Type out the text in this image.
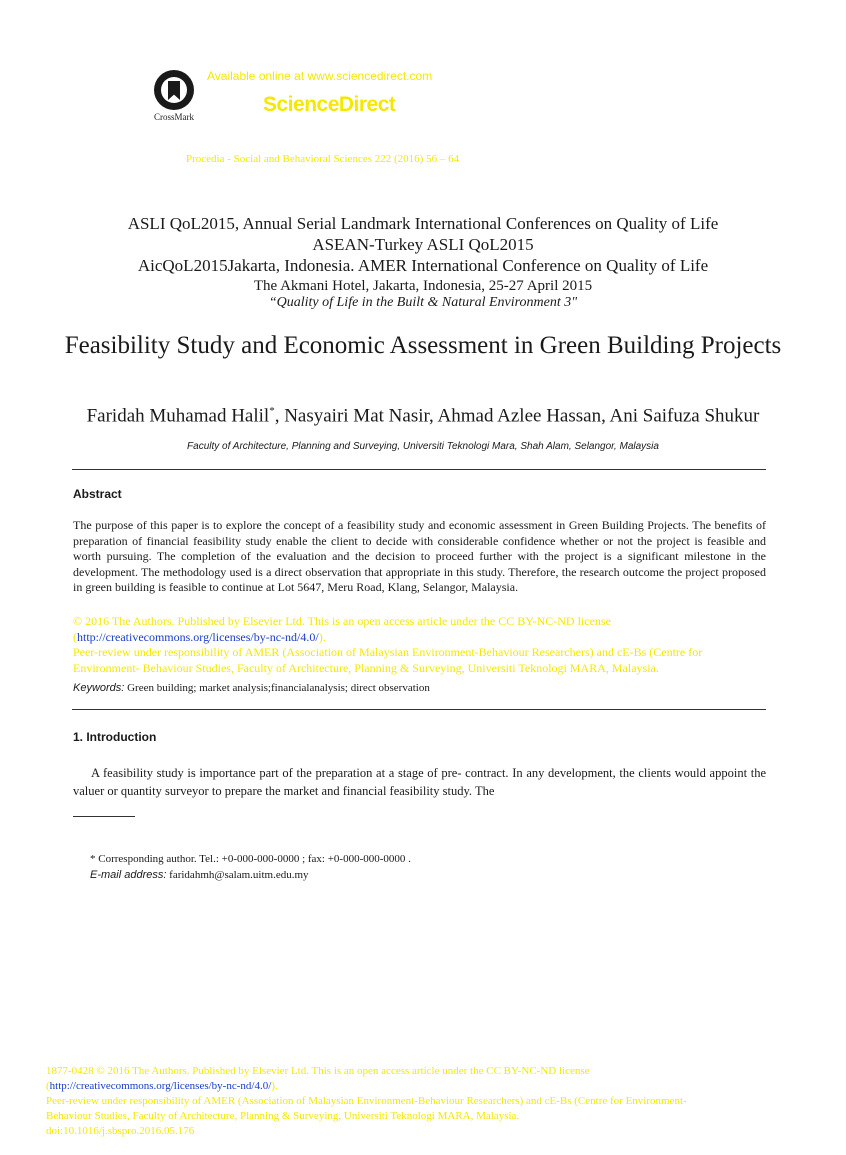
CrossMark
Available online at www.sciencedirect.com
ScienceDirect
Procedia - Social and Behavioral Sciences 222 (2016) 56 – 64
ASLI QoL2015, Annual Serial Landmark International Conferences on Quality of Life
ASEAN-Turkey ASLI QoL2015
AicQoL2015Jakarta, Indonesia. AMER International Conference on Quality of Life
The Akmani Hotel, Jakarta, Indonesia, 25-27 April 2015
“Quality of Life in the Built & Natural Environment 3"
Feasibility Study and Economic Assessment in Green Building Projects
Faridah Muhamad Halil*, Nasyairi Mat Nasir, Ahmad Azlee Hassan, Ani Saifuza Shukur
Faculty of Architecture, Planning and Surveying, Universiti Teknologi Mara, Shah Alam, Selangor, Malaysia
Abstract
The purpose of this paper is to explore the concept of a feasibility study and economic assessment in Green Building Projects. The benefits of preparation of financial feasibility study enable the client to decide with considerable confidence whether or not the project is feasible and worth pursuing. The completion of the evaluation and the decision to proceed further with the project is a significant milestone in the development. The methodology used is a direct observation that appropriate in this study. Therefore, the research outcome the project proposed in green building is feasible to continue at Lot 5647, Meru Road, Klang, Selangor, Malaysia.
© 2016 The Authors. Published by Elsevier Ltd. This is an open access article under the CC BY-NC-ND license
(http://creativecommons.org/licenses/by-nc-nd/4.0/).
Peer-review under responsibility of AMER (Association of Malaysian Environment-Behaviour Researchers) and cE-Bs (Centre for Environment- Behaviour Studies, Faculty of Architecture, Planning & Surveying, Universiti Teknologi MARA, Malaysia.
Keywords: Green building; market analysis;financialanalysis; direct observation
1. Introduction
A feasibility study is importance part of the preparation at a stage of pre- contract. In any development, the clients would appoint the valuer or quantity surveyor to prepare the market and financial feasibility study. The
* Corresponding author. Tel.: +0-000-000-0000 ; fax: +0-000-000-0000 .
E-mail address: faridahmh@salam.uitm.edu.my
1877-0428 © 2016 The Authors. Published by Elsevier Ltd. This is an open access article under the CC BY-NC-ND license
(http://creativecommons.org/licenses/by-nc-nd/4.0/).
Peer-review under responsibility of AMER (Association of Malaysian Environment-Behaviour Researchers) and cE-Bs (Centre for Environment- Behaviour Studies, Faculty of Architecture, Planning & Surveying, Universiti Teknologi MARA, Malaysia.
doi:10.1016/j.sbspro.2016.05.176
